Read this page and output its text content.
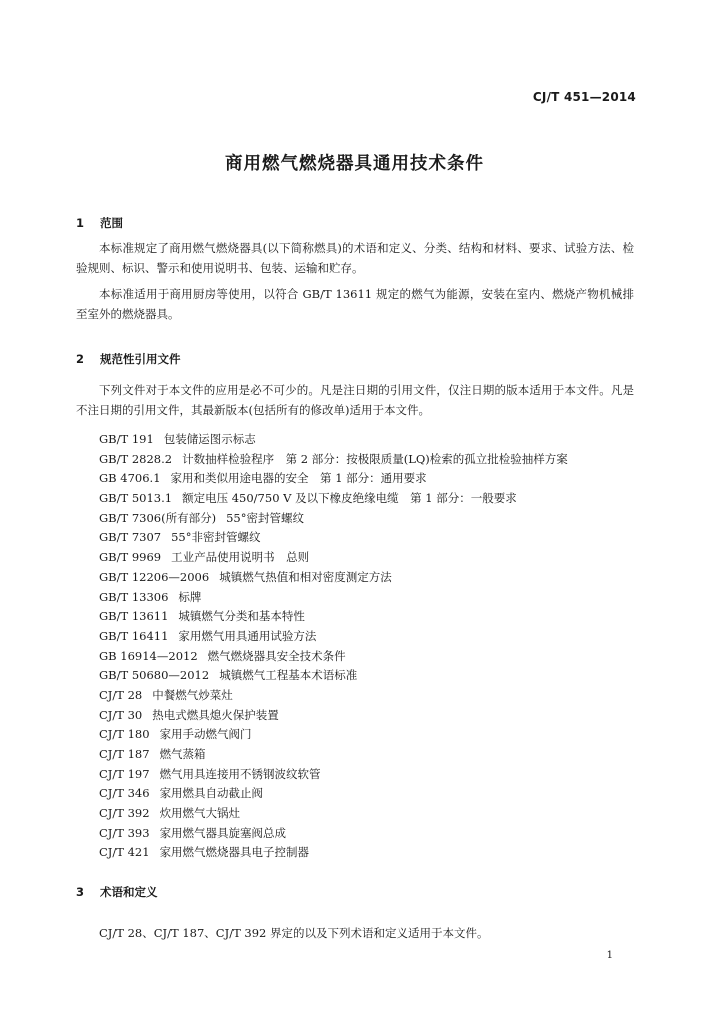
CJ/T 451—2014
商用燃气燃烧器具通用技术条件
1 范围

本标准规定了商用燃气燃烧器具(以下简称燃具)的术语和定义、分类、结构和材料、要求、试验方法、检验规则、标识、警示和使用说明书、包装、运输和贮存。

本标准适用于商用厨房等使用，以符合 GB/T 13611 规定的燃气为能源，安装在室内、燃烧产物机械排至室外的燃烧器具。

2 规范性引用文件

下列文件对于本文件的应用是必不可少的。凡是注日期的引用文件，仅注日期的版本适用于本文件。凡是不注日期的引用文件，其最新版本(包括所有的修改单)适用于本文件。

GB/T 191 包装储运图示标志
GB/T 2828.2 计数抽样检验程序　第 2 部分：按极限质量(LQ)检索的孤立批检验抽样方案
GB 4706.1 家用和类似用途电器的安全　第 1 部分：通用要求
GB/T 5013.1 额定电压 450/750 V 及以下橡皮绝缘电缆　第 1 部分：一般要求
GB/T 7306(所有部分) 55°密封管螺纹
GB/T 7307 55°非密封管螺纹
GB/T 9969 工业产品使用说明书　总则
GB/T 12206—2006 城镇燃气热值和相对密度测定方法
GB/T 13306 标牌
GB/T 13611 城镇燃气分类和基本特性
GB/T 16411 家用燃气用具通用试验方法
GB 16914—2012 燃气燃烧器具安全技术条件
GB/T 50680—2012 城镇燃气工程基本术语标准
CJ/T 28 中餐燃气炒菜灶
CJ/T 30 热电式燃具熄火保护装置
CJ/T 180 家用手动燃气阀门
CJ/T 187 燃气蒸箱
CJ/T 197 燃气用具连接用不锈钢波纹软管
CJ/T 346 家用燃具自动截止阀
CJ/T 392 炊用燃气大锅灶
CJ/T 393 家用燃气器具旋塞阀总成
CJ/T 421 家用燃气燃烧器具电子控制器
3 术语和定义

CJ/T 28、CJ/T 187、CJ/T 392 界定的以及下列术语和定义适用于本文件。

1
